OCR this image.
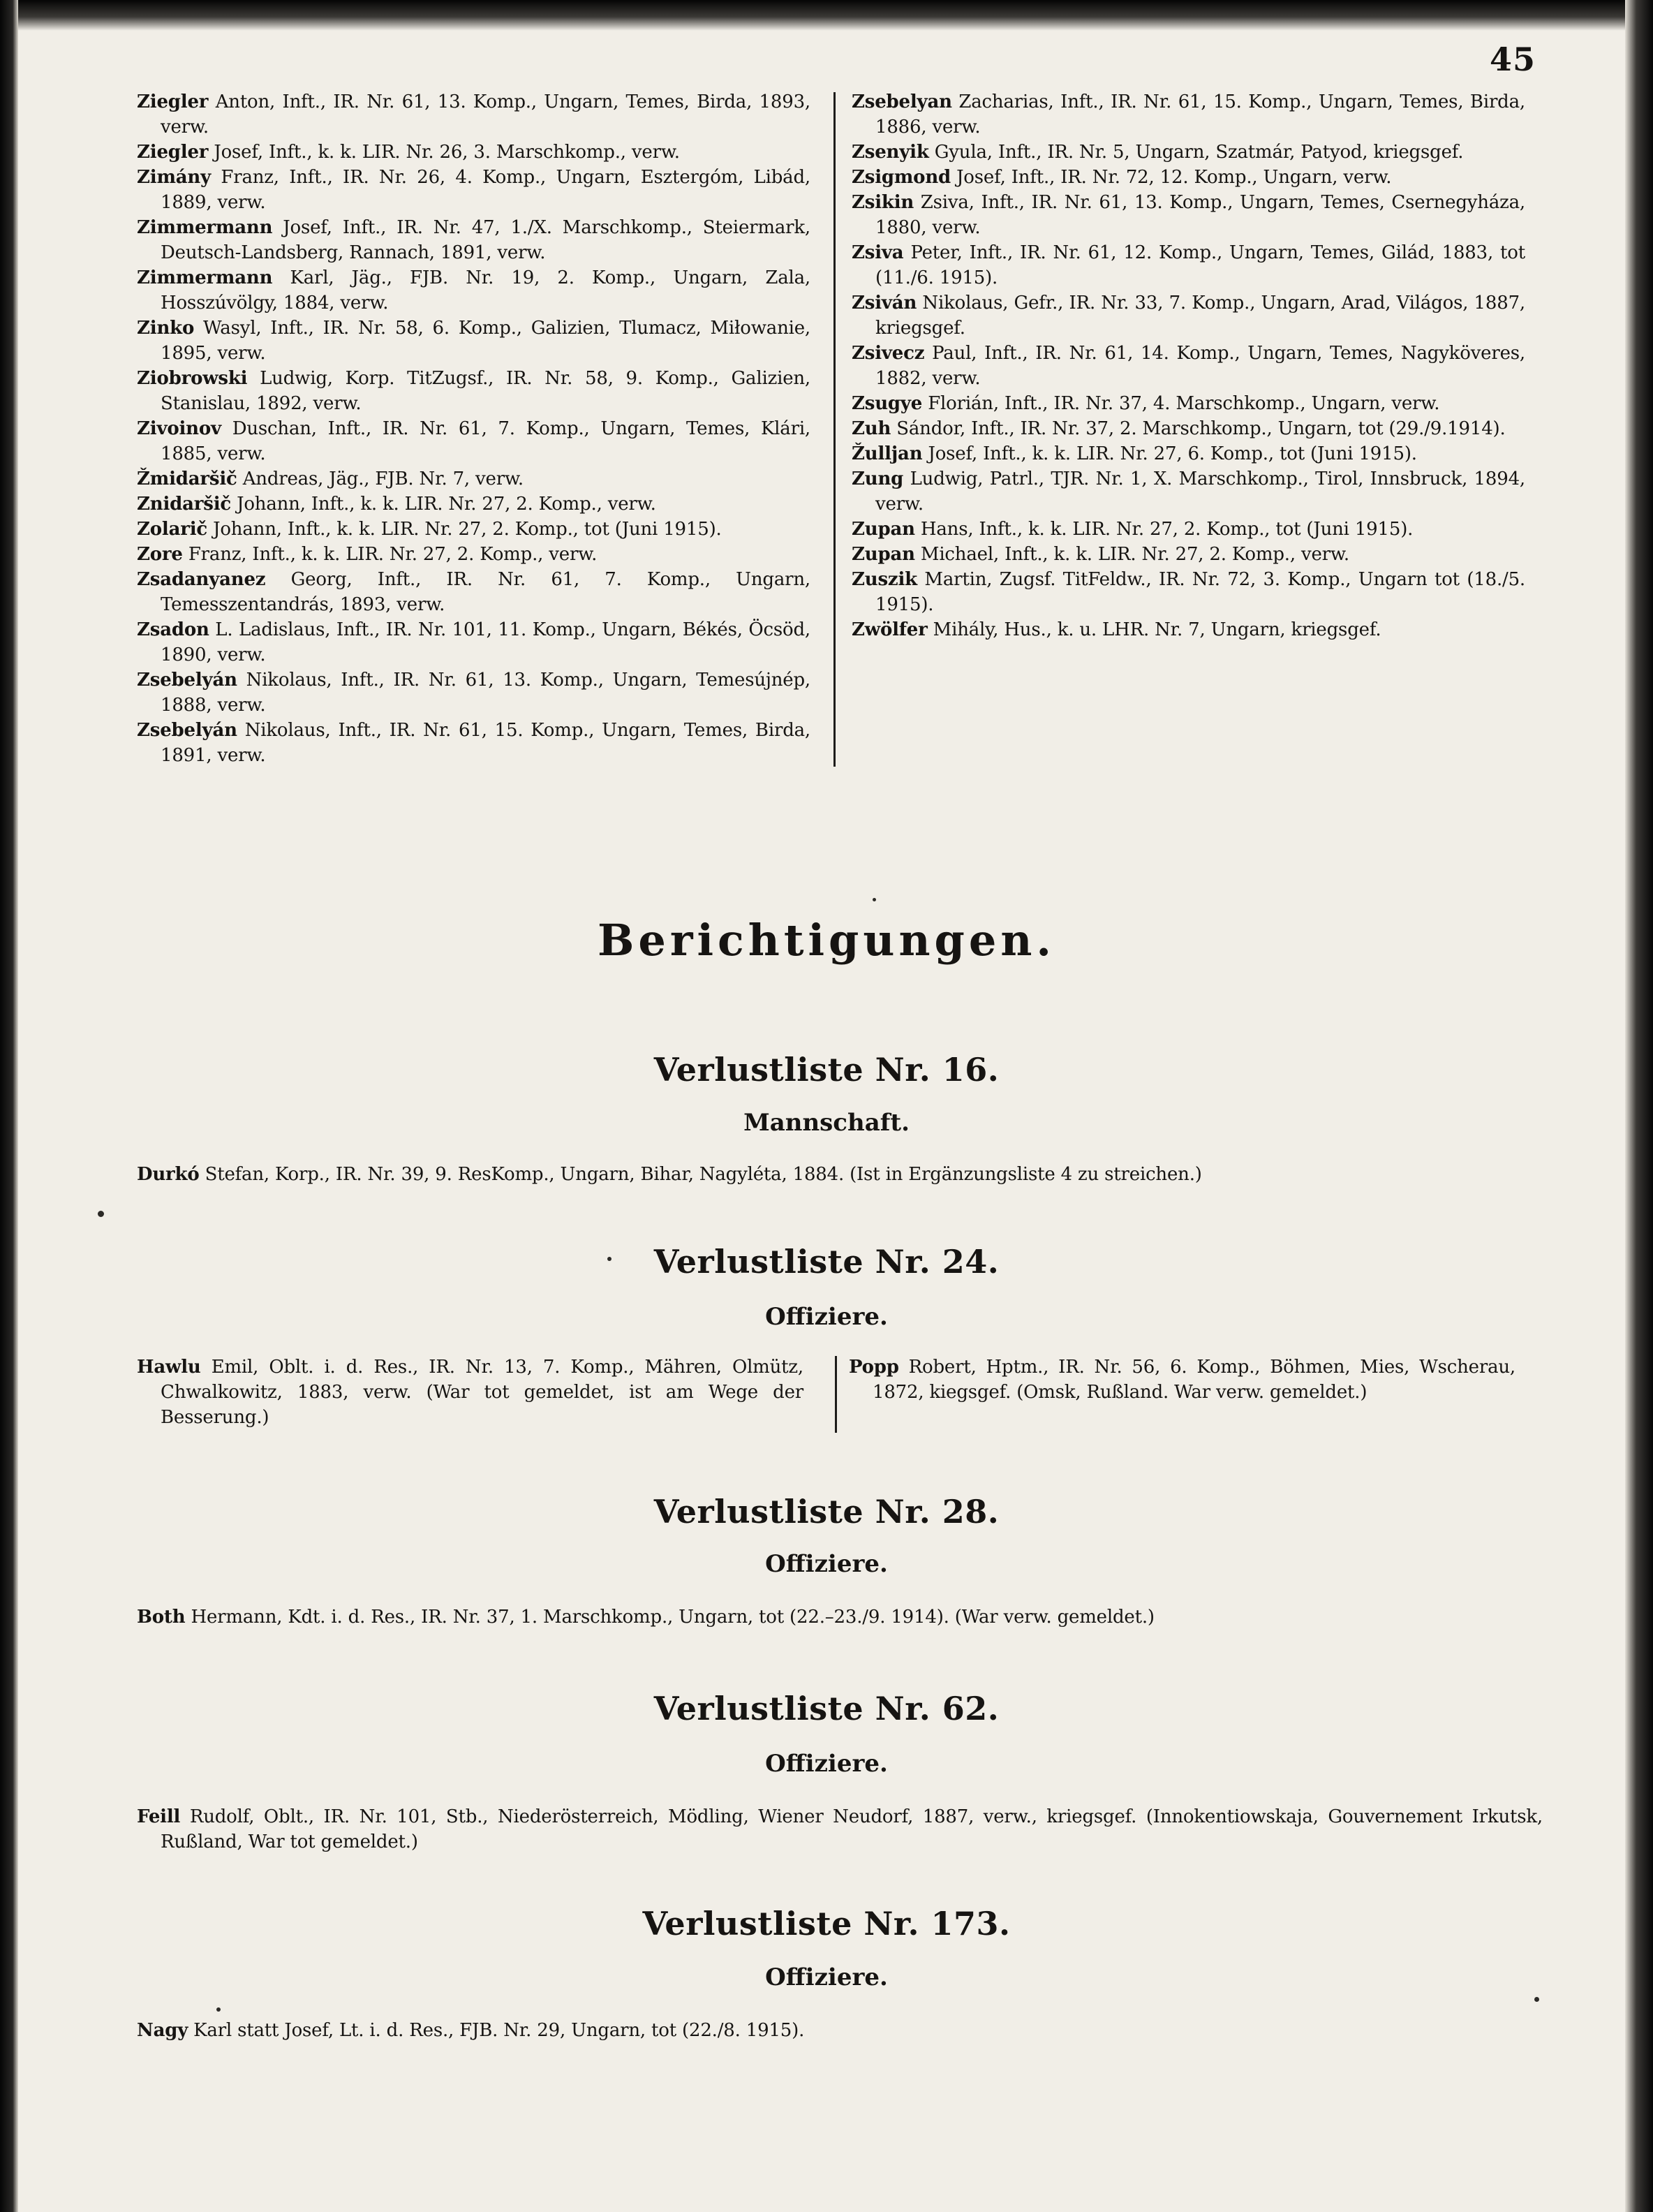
45

Ziegler Anton, Inft., IR. Nr. 61, 13. Komp., Ungarn, Temes, Birda, 1893, verw.

Ziegler Josef, Inft., k. k. LIR. Nr. 26, 3. Marschkomp., verw.

Zimány Franz, Inft., IR. Nr. 26, 4. Komp., Ungarn, Esztergóm, Libád, 1889, verw.

Zimmermann Josef, Inft., IR. Nr. 47, 1./X. Marschkomp., Steiermark, Deutsch-Landsberg, Rannach, 1891, verw.

Zimmermann Karl, Jäg., FJB. Nr. 19, 2. Komp., Ungarn, Zala, Hosszúvölgy, 1884, verw.

Zinko Wasyl, Inft., IR. Nr. 58, 6. Komp., Galizien, Tlumacz, Miłowanie, 1895, verw.

Ziobrowski Ludwig, Korp. TitZugsf., IR. Nr. 58, 9. Komp., Galizien, Stanislau, 1892, verw.

Zivoinov Duschan, Inft., IR. Nr. 61, 7. Komp., Ungarn, Temes, Klári, 1885, verw.

Žmidaršič Andreas, Jäg., FJB. Nr. 7, verw.

Znidaršič Johann, Inft., k. k. LIR. Nr. 27, 2. Komp., verw.

Zolarič Johann, Inft., k. k. LIR. Nr. 27, 2. Komp., tot (Juni 1915).

Zore Franz, Inft., k. k. LIR. Nr. 27, 2. Komp., verw.

Zsadanyanez Georg, Inft., IR. Nr. 61, 7. Komp., Ungarn, Temesszentandrás, 1893, verw.

Zsadon L. Ladislaus, Inft., IR. Nr. 101, 11. Komp., Ungarn, Békés, Öcsöd, 1890, verw.

Zsebelyán Nikolaus, Inft., IR. Nr. 61, 13. Komp., Ungarn, Temesújnép, 1888, verw.

Zsebelyán Nikolaus, Inft., IR. Nr. 61, 15. Komp., Ungarn, Temes, Birda, 1891, verw.

Zsebelyan Zacharias, Inft., IR. Nr. 61, 15. Komp., Ungarn, Temes, Birda, 1886, verw.

Zsenyik Gyula, Inft., IR. Nr. 5, Ungarn, Szatmár, Patyod, kriegsgef.

Zsigmond Josef, Inft., IR. Nr. 72, 12. Komp., Ungarn, verw.

Zsikin Zsiva, Inft., IR. Nr. 61, 13. Komp., Ungarn, Temes, Csernegyháza, 1880, verw.

Zsiva Peter, Inft., IR. Nr. 61, 12. Komp., Ungarn, Temes, Gilád, 1883, tot (11./6. 1915).

Zsiván Nikolaus, Gefr., IR. Nr. 33, 7. Komp., Ungarn, Arad, Világos, 1887, kriegsgef.

Zsivecz Paul, Inft., IR. Nr. 61, 14. Komp., Ungarn, Temes, Nagyköveres, 1882, verw.

Zsugye Florián, Inft., IR. Nr. 37, 4. Marschkomp., Ungarn, verw.

Zuh Sándor, Inft., IR. Nr. 37, 2. Marschkomp., Ungarn, tot (29./9.1914).

Žulljan Josef, Inft., k. k. LIR. Nr. 27, 6. Komp., tot (Juni 1915).

Zung Ludwig, Patrl., TJR. Nr. 1, X. Marschkomp., Tirol, Innsbruck, 1894, verw.

Zupan Hans, Inft., k. k. LIR. Nr. 27, 2. Komp., tot (Juni 1915).

Zupan Michael, Inft., k. k. LIR. Nr. 27, 2. Komp., verw.

Zuszik Martin, Zugsf. TitFeldw., IR. Nr. 72, 3. Komp., Ungarn tot (18./5. 1915).

Zwölfer Mihály, Hus., k. u. LHR. Nr. 7, Ungarn, kriegsgef.

Berichtigungen.
Verlustliste Nr. 16.
Mannschaft.
Durkó Stefan, Korp., IR. Nr. 39, 9. ResKomp., Ungarn, Bihar, Nagyléta, 1884. (Ist in Ergänzungsliste 4 zu streichen.)
Verlustliste Nr. 24.
Offiziere.

Hawlu Emil, Oblt. i. d. Res., IR. Nr. 13, 7. Komp., Mähren, Olmütz, Chwalkowitz, 1883, verw. (War tot gemeldet, ist am Wege der Besserung.)

Popp Robert, Hptm., IR. Nr. 56, 6. Komp., Böhmen, Mies, Wscherau, 1872, kiegsgef. (Omsk, Rußland. War verw. gemeldet.)

Verlustliste Nr. 28.
Offiziere.
Both Hermann, Kdt. i. d. Res., IR. Nr. 37, 1. Marschkomp., Ungarn, tot (22.–23./9. 1914). (War verw. gemeldet.)
Verlustliste Nr. 62.
Offiziere.
Feill Rudolf, Oblt., IR. Nr. 101, Stb., Niederösterreich, Mödling, Wiener Neudorf, 1887, verw., kriegsgef. (Innokentiowskaja, Gouvernement Irkutsk, Rußland, War tot gemeldet.)
Verlustliste Nr. 173.
Offiziere.
Nagy Karl statt Josef, Lt. i. d. Res., FJB. Nr. 29, Ungarn, tot (22./8. 1915).
